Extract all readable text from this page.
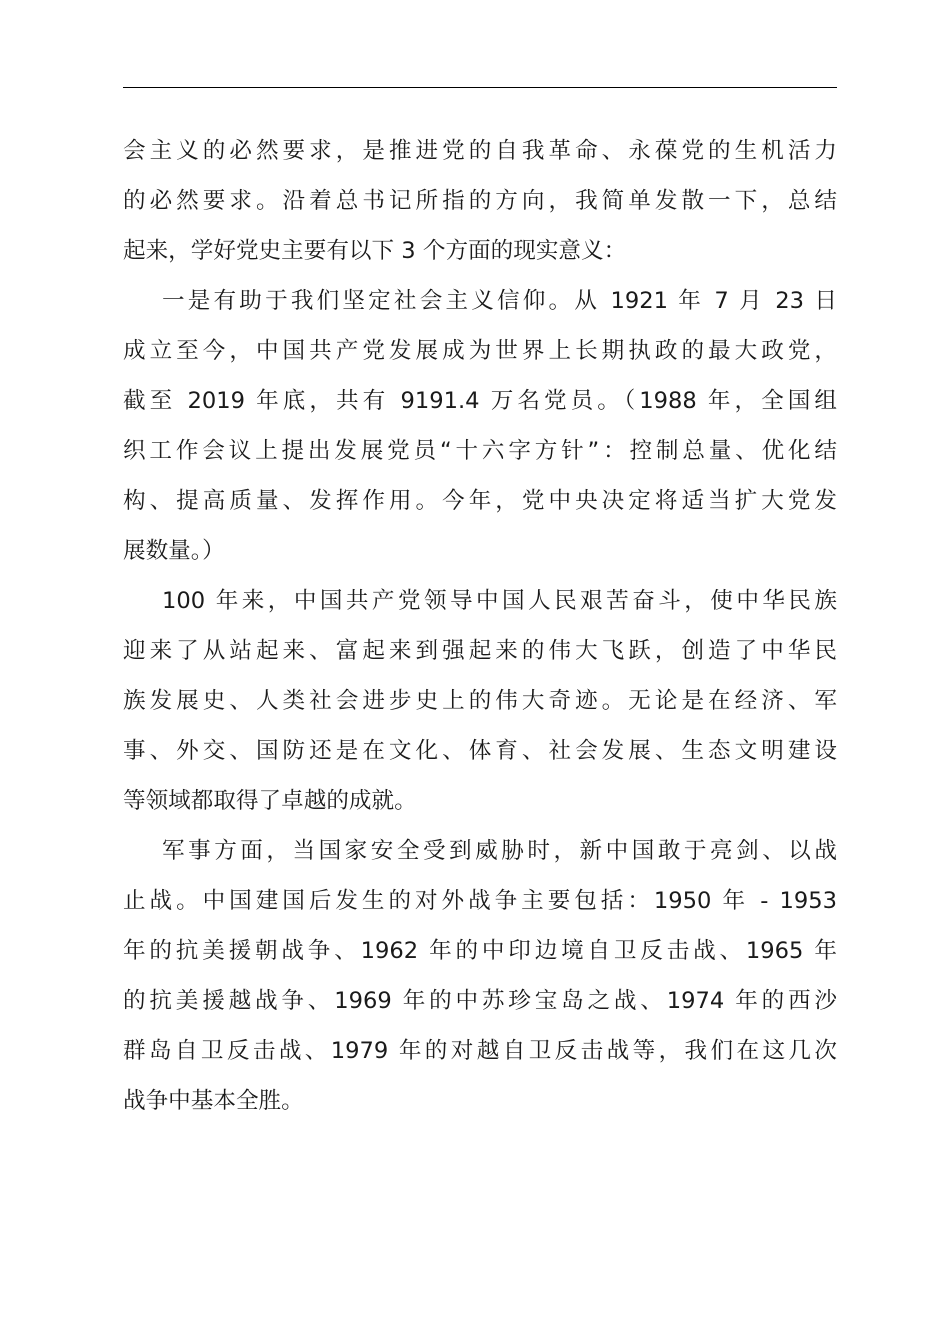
会主义的必然要求，是推进党的自我革命、永葆党的生机活力
的必然要求。沿着总书记所指的方向，我简单发散一下，总结
起来，学好党史主要有以下 3 个方面的现实意义：
一是有助于我们坚定社会主义信仰。从 1921 年 7 月 23 日
成立至今，中国共产党发展成为世界上长期执政的最大政党，
截至 2019 年底，共有 9191.4 万名党员。（1988 年，全国组
织工作会议上提出发展党员“十六字方针”：控制总量、优化结
构、提高质量、发挥作用。今年，党中央决定将适当扩大党发
展数量。）
100 年来，中国共产党领导中国人民艰苦奋斗，使中华民族
迎来了从站起来、富起来到强起来的伟大飞跃，创造了中华民
族发展史、人类社会进步史上的伟大奇迹。无论是在经济、军
事、外交、国防还是在文化、体育、社会发展、生态文明建设
等领域都取得了卓越的成就。
军事方面，当国家安全受到威胁时，新中国敢于亮剑、以战
止战。中国建国后发生的对外战争主要包括：1950 年 - 1953
年的抗美援朝战争、1962 年的中印边境自卫反击战、1965 年
的抗美援越战争、1969 年的中苏珍宝岛之战、1974 年的西沙
群岛自卫反击战、1979 年的对越自卫反击战等，我们在这几次
战争中基本全胜。
